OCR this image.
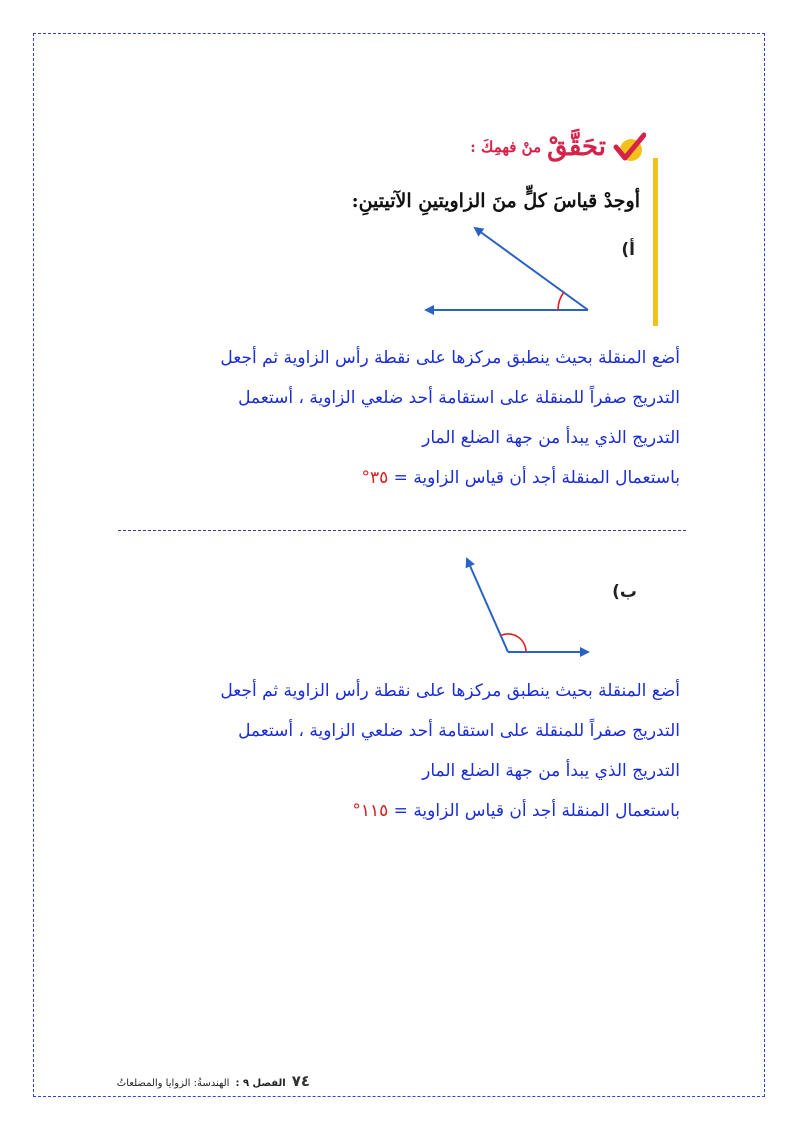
تحَقَّقْ
منْ فهمِكَ :
أوجدْ قياسَ كلٍّ منَ الزاويتينِ الآتيتينِ:
أ)
أضع المنقلة بحيث ينطبق مركزها على نقطة رأس الزاوية ثم أجعل
التدريج صفراً للمنقلة على استقامة أحد ضلعي الزاوية ، أستعمل
التدريج الذي يبدأ من جهة الضلع المار
باستعمال المنقلة أجد أن قياس الزاوية = ٣٥°
ب)
أضع المنقلة بحيث ينطبق مركزها على نقطة رأس الزاوية ثم أجعل
التدريج صفراً للمنقلة على استقامة أحد ضلعي الزاوية ، أستعمل
التدريج الذي يبدأ من جهة الضلع المار
باستعمال المنقلة أجد أن قياس الزاوية = ١١٥°
٧٤
الفصل ٩ :
الهندسةُ: الزوايا والمضلعاتُ
